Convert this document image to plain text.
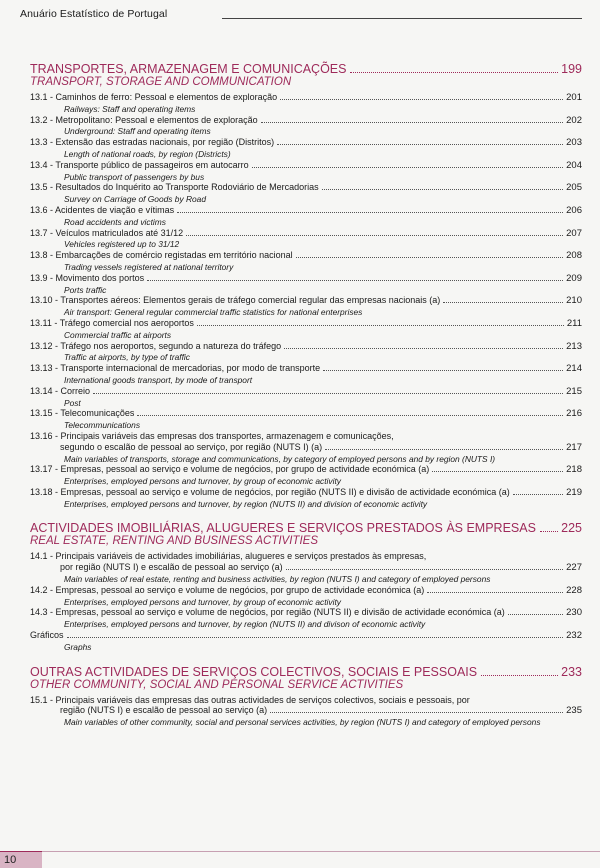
Anuário Estatístico de Portugal
TRANSPORTES, ARMAZENAGEM E COMUNICAÇÕES	199
TRANSPORT, STORAGE AND COMMUNICATION
13.1 - Caminhos de ferro: Pessoal e elementos de exploração	201
Railways: Staff and operating items
13.2 - Metropolitano: Pessoal e elementos de exploração	202
Underground: Staff and operating items
13.3 - Extensão das estradas nacionais, por região (Distritos)	203
Length of national roads, by region (Districts)
13.4 - Transporte público de passageiros em autocarro	204
Public transport of passengers by bus
13.5 - Resultados do Inquérito ao Transporte Rodoviário de Mercadorias	205
Survey on Carriage of Goods by Road
13.6 - Acidentes de viação e vítimas	206
Road accidents and victims
13.7 - Veículos matriculados até 31/12	207
Vehicles registered up to 31/12
13.8 - Embarcações de comércio registadas em território nacional	208
Trading vessels registered at national territory
13.9 - Movimento dos portos	209
Ports traffic
13.10 - Transportes aéreos: Elementos gerais de tráfego comercial regular das empresas nacionais (a)	210
Air transport: General regular commercial traffic statistics for national enterprises
13.11 - Tráfego comercial nos aeroportos	211
Commercial traffic at airports
13.12 - Tráfego nos aeroportos, segundo a natureza do tráfego	213
Traffic at airports, by type of traffic
13.13 - Transporte internacional de mercadorias, por modo de transporte	214
International goods transport, by mode of transport
13.14 - Correio	215
Post
13.15 - Telecomunicações	216
Telecommunications
13.16 - Principais variáveis das empresas dos transportes, armazenagem e comunicações,
segundo o escalão de pessoal ao serviço, por região (NUTS I) (a)	217
Main variables of transports, storage and communications, by category of employed persons and by region (NUTS I)
13.17 - Empresas, pessoal ao serviço e volume de negócios, por grupo de actividade económica (a)	218
Enterprises, employed persons and turnover, by group of economic activity
13.18 - Empresas, pessoal ao serviço e volume de negócios, por região (NUTS II) e divisão de actividade económica (a)	219
Enterprises, employed persons and turnover, by region (NUTS II) and division of economic activity
ACTIVIDADES IMOBILIÁRIAS, ALUGUERES E SERVIÇOS PRESTADOS ÀS EMPRESAS 225
REAL ESTATE, RENTING AND BUSINESS ACTIVITIES
14.1 - Principais variáveis de actividades imobiliárias, alugueres e serviços prestados às empresas,
por região (NUTS I) e escalão de pessoal ao serviço (a)	227
Main variables of real estate, renting and business activities, by region (NUTS I) and category of employed persons
14.2 - Empresas, pessoal ao serviço e volume de negócios, por grupo de actividade económica (a)	228
Enterprises, employed persons and turnover, by group of economic activity
14.3 - Empresas, pessoal ao serviço e volume de negócios, por região (NUTS II) e divisão de actividade económica (a)	230
Enterprises, employed persons and turnover, by region (NUTS II) and divison of economic activity
Gráficos	232
Graphs
OUTRAS ACTIVIDADES DE SERVIÇOS COLECTIVOS, SOCIAIS E PESSOAIS	233
OTHER COMMUNITY, SOCIAL AND PERSONAL SERVICE ACTIVITIES
15.1 - Principais variáveis das empresas das outras actividades de serviços colectivos, sociais e pessoais, por
região (NUTS I) e escalão de pessoal ao serviço (a)	235
Main variables of other community, social and personal services activities, by region (NUTS I) and category of employed persons
10
